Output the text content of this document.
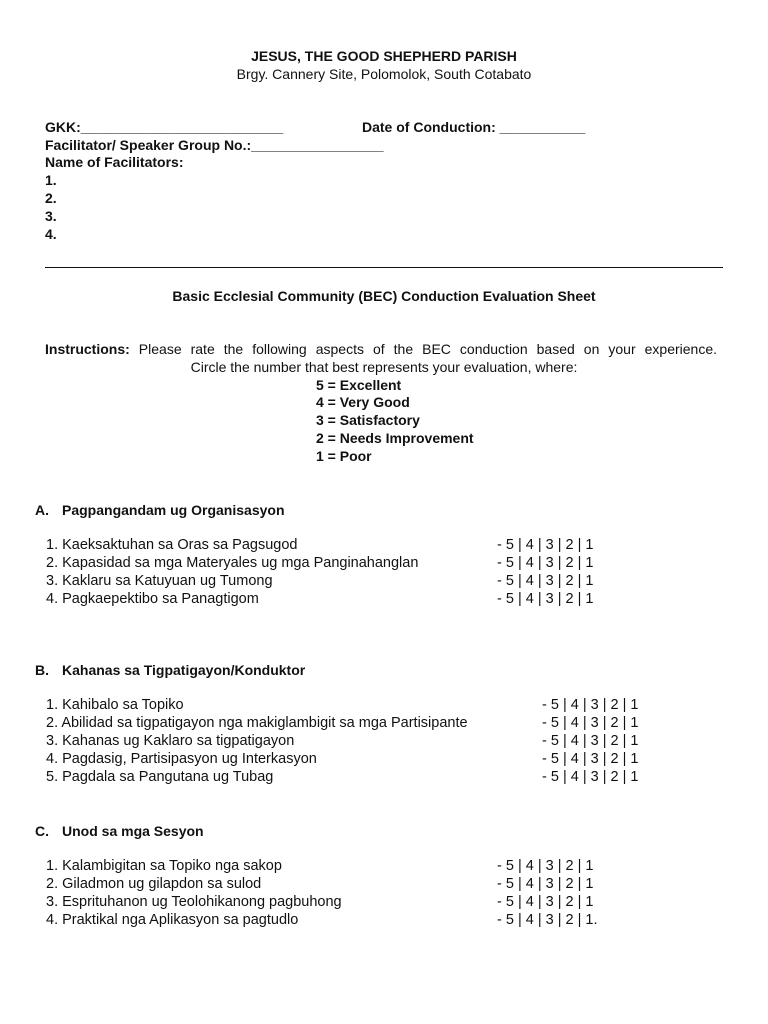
JESUS, THE GOOD SHEPHERD PARISH
Brgy. Cannery Site, Polomolok, South Cotabato
GKK:__________________________	Date of Conduction: ___________
Facilitator/ Speaker Group No.:_________________
Name of Facilitators:
1.
2.
3.
4.
Basic Ecclesial Community (BEC) Conduction Evaluation Sheet
Instructions: Please rate the following aspects of the BEC conduction based on your experience.
Circle the number that best represents your evaluation, where:
5 = Excellent
4 = Very Good
3 = Satisfactory
2 = Needs Improvement
1 = Poor
A. Pagpangandam ug Organisasyon
1. Kaeksaktuhan sa Oras sa Pagsugod	- 5 | 4 | 3 | 2 | 1
2. Kapasidad sa mga Materyales ug mga Panginahanglan	- 5 | 4 | 3 | 2 | 1
3. Kaklaru sa Katuyuan ug Tumong	- 5 | 4 | 3 | 2 | 1
4. Pagkaepektibo sa Panagtigom	- 5 | 4 | 3 | 2 | 1
B. Kahanas sa Tigpatigayon/Konduktor
1. Kahibalo sa Topiko	- 5 | 4 | 3 | 2 | 1
2. Abilidad sa tigpatigayon nga makiglambigit sa mga Partisipante	- 5 | 4 | 3 | 2 | 1
3. Kahanas ug Kaklaro sa tigpatigayon	- 5 | 4 | 3 | 2 | 1
4. Pagdasig, Partisipasyon ug Interkasyon	- 5 | 4 | 3 | 2 | 1
5. Pagdala sa Pangutana ug Tubag	- 5 | 4 | 3 | 2 | 1
C. Unod sa mga Sesyon
1. Kalambigitan sa Topiko nga sakop	- 5 | 4 | 3 | 2 | 1
2. Giladmon ug gilapdon sa sulod	- 5 | 4 | 3 | 2 | 1
3. Esprituhanon ug Teolohikanong pagbuhong	- 5 | 4 | 3 | 2 | 1
4. Praktikal nga Aplikasyon sa pagtudlo	- 5 | 4 | 3 | 2 | 1.
